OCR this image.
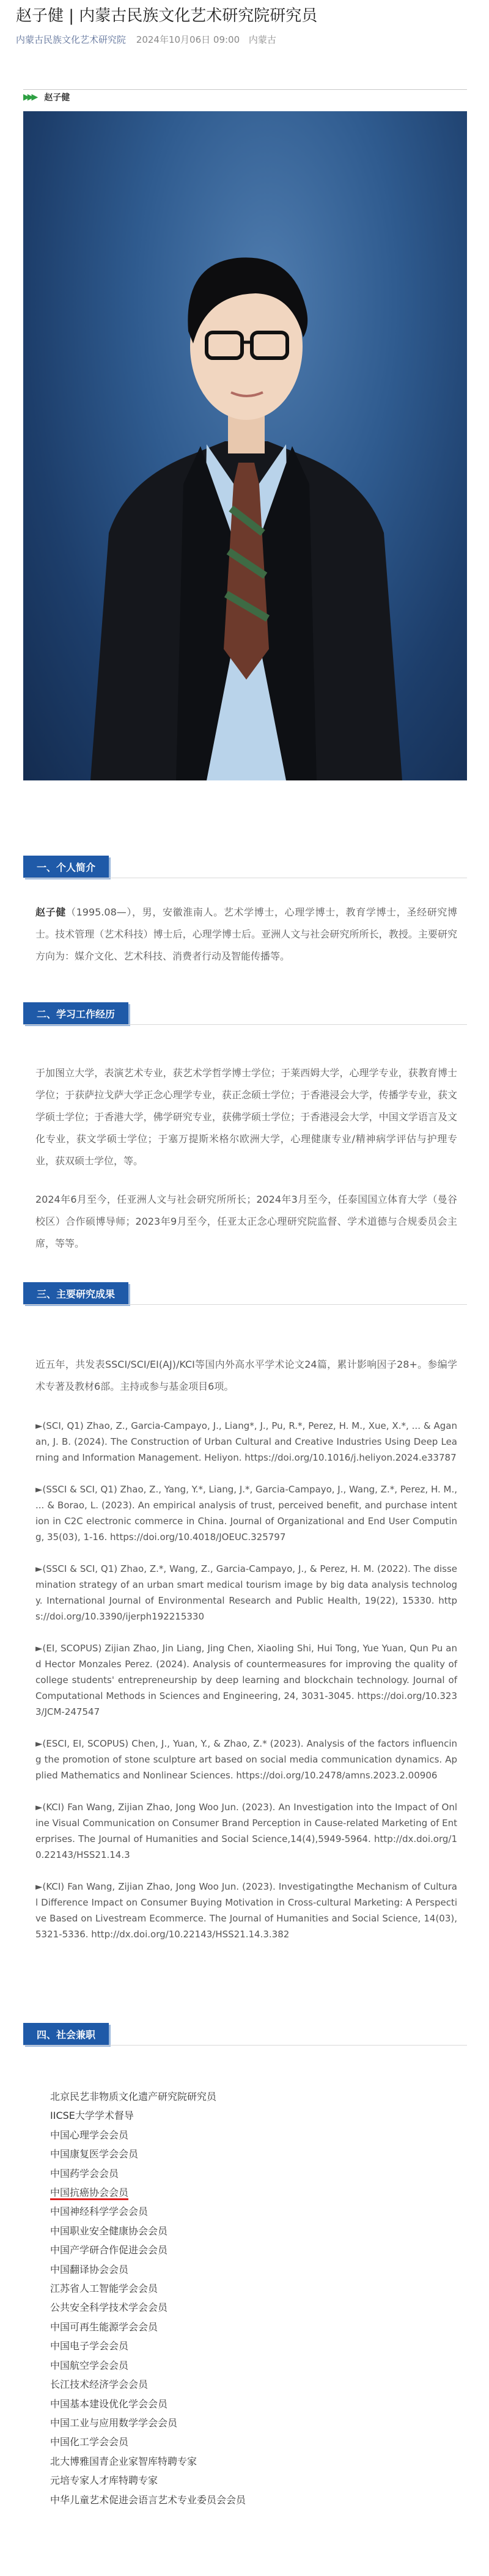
赵子健 | 内蒙古民族文化艺术研究院研究员
内蒙古民族文化艺术研究院 2024年10月06日 09:00 内蒙古
▶▶▶ 赵子健
一、个人简介

赵子健（1995.08—），男，安徽淮南人。艺术学博士，心理学博士，教育学博士，圣经研究博士。技术管理（艺术科技）博士后，心理学博士后。亚洲人文与社会研究所所长，教授。主要研究方向为：媒介文化、艺术科技、消费者行动及智能传播等。

二、学习工作经历

于加图立大学，表演艺术专业，获艺术学哲学博士学位；于莱西姆大学，心理学专业，获教育博士学位；于获萨拉戈萨大学正念心理学专业，获正念硕士学位；于香港浸会大学，传播学专业，获文学硕士学位；于香港大学，佛学研究专业，获佛学硕士学位；于香港浸会大学，中国文学语言及文化专业，获文学硕士学位；于塞万提斯米格尔欧洲大学，心理健康专业/精神病学评估与护理专业，获双硕士学位，等。

2024年6月至今，任亚洲人文与社会研究所所长；2024年3月至今，任泰国国立体育大学（曼谷校区）合作硕博导师；2023年9月至今，任亚太正念心理研究院监督、学术道德与合规委员会主席，等等。

三、主要研究成果

近五年，共发表SSCI/SCI/EI(AJ)/KCI等国内外高水平学术论文24篇，累计影响因子28+。参编学术专著及教材6部。主持或参与基金项目6项。

►(SCI, Q1) Zhao, Z., Garcia-Campayo, J., Liang*, J., Pu, R.*, Perez, H. M., Xue, X.*, ... & Aganan, J. B. (2024). The Construction of Urban Cultural and Creative Industries Using Deep Learning and Information Management. Heliyon. https://doi.org/10.1016/j.heliyon.2024.e33787

►(SSCI & SCI, Q1) Zhao, Z., Yang, Y.*, Liang, J.*, Garcia-Campayo, J., Wang, Z.*, Perez, H. M., ... & Borao, L. (2023). An empirical analysis of trust, perceived benefit, and purchase intention in C2C electronic commerce in China. Journal of Organizational and End User Computing, 35(03), 1-16. https://doi.org/10.4018/JOEUC.325797

►(SSCI & SCI, Q1) Zhao, Z.*, Wang, Z., Garcia-Campayo, J., & Perez, H. M. (2022). The dissemination strategy of an urban smart medical tourism image by big data analysis technology. International Journal of Environmental Research and Public Health, 19(22), 15330. https://doi.org/10.3390/ijerph192215330

►(EI, SCOPUS) Zijian Zhao, Jin Liang, Jing Chen, Xiaoling Shi, Hui Tong, Yue Yuan, Qun Pu and Hector Monzales Perez. (2024). Analysis of countermeasures for improving the quality of college students' entrepreneurship by deep learning and blockchain technology. Journal of Computational Methods in Sciences and Engineering, 24, 3031-3045. https://doi.org/10.3233/JCM-247547

►(ESCI, EI, SCOPUS) Chen, J., Yuan, Y., & Zhao, Z.* (2023). Analysis of the factors influencing the promotion of stone sculpture art based on social media communication dynamics. Applied Mathematics and Nonlinear Sciences. https://doi.org/10.2478/amns.2023.2.00906

►(KCI) Fan Wang, Zijian Zhao, Jong Woo Jun. (2023). An Investigation into the Impact of Online Visual Communication on Consumer Brand Perception in Cause-related Marketing of Enterprises. The Journal of Humanities and Social Science,14(4),5949-5964. http://dx.doi.org/10.22143/HSS21.14.3

►(KCI) Fan Wang, Zijian Zhao, Jong Woo Jun. (2023). Investigatingthe Mechanism of Cultural Difference Impact on Consumer Buying Motivation in Cross-cultural Marketing: A Perspective Based on Livestream Ecommerce. The Journal of Humanities and Social Science, 14(03),5321-5336. http://dx.doi.org/10.22143/HSS21.14.3.382

四、社会兼职
北京民艺非物质文化遗产研究院研究员
IICSE大学学术督导
中国心理学会会员
中国康复医学会会员
中国药学会会员
中国抗癌协会会员
中国神经科学学会会员
中国职业安全健康协会会员
中国产学研合作促进会会员
中国翻译协会会员
江苏省人工智能学会会员
公共安全科学技术学会会员
中国可再生能源学会会员
中国电子学会会员
中国航空学会会员
长江技术经济学会会员
中国基本建设优化学会会员
中国工业与应用数学学会会员
中国化工学会会员
北大博雅国青企业家智库特聘专家
元培专家人才库特聘专家
中华儿童艺术促进会语言艺术专业委员会会员
